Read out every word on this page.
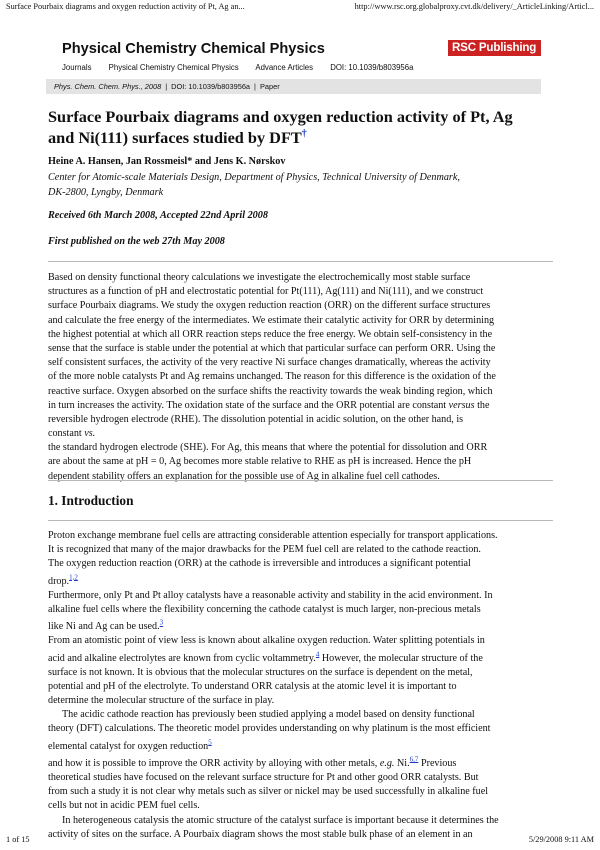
Surface Pourbaix diagrams and oxygen reduction activity of Pt, Ag an...	http://www.rsc.org.globalproxy.cvt.dk/delivery/_ArticleLinking/Articl...
Physical Chemistry Chemical Physics	RSC Publishing
Journals Physical Chemistry Chemical Physics Advance Articles DOI: 10.1039/b803956a
Phys. Chem. Chem. Phys., 2008 | DOI: 10.1039/b803956a | Paper
Surface Pourbaix diagrams and oxygen reduction activity of Pt, Ag
and Ni(111) surfaces studied by DFT†
Heine A. Hansen, Jan Rossmeisl* and Jens K. Nørskov
Center for Atomic-scale Materials Design, Department of Physics, Technical University of Denmark,
DK-2800, Lyngby, Denmark
Received 6th March 2008, Accepted 22nd April 2008
First published on the web 27th May 2008

Based on density functional theory calculations we investigate the electrochemically most stable surface

structures as a function of pH and electrostatic potential for Pt(111), Ag(111) and Ni(111), and we construct

surface Pourbaix diagrams. We study the oxygen reduction reaction (ORR) on the different surface structures

and calculate the free energy of the intermediates. We estimate their catalytic activity for ORR by determining

the highest potential at which all ORR reaction steps reduce the free energy. We obtain self-consistency in the

sense that the surface is stable under the potential at which that particular surface can perform ORR. Using the

self consistent surfaces, the activity of the very reactive Ni surface changes dramatically, whereas the activity

of the more noble catalysts Pt and Ag remains unchanged. The reason for this difference is the oxidation of the

reactive surface. Oxygen absorbed on the surface shifts the reactivity towards the weak binding region, which

in turn increases the activity. The oxidation state of the surface and the ORR potential are constant versus the

reversible hydrogen electrode (RHE). The dissolution potential in acidic solution, on the other hand, is

constant vs.

the standard hydrogen electrode (SHE). For Ag, this means that where the potential for dissolution and ORR

are about the same at pH = 0, Ag becomes more stable relative to RHE as pH is increased. Hence the pH

dependent stability offers an explanation for the possible use of Ag in alkaline fuel cell cathodes.

1. Introduction

Proton exchange membrane fuel cells are attracting considerable attention especially for transport applications.

It is recognized that many of the major drawbacks for the PEM fuel cell are related to the cathode reaction.

The oxygen reduction reaction (ORR) at the cathode is irreversible and introduces a significant potential

drop.$^{1,2}$

Furthermore, only Pt and Pt alloy catalysts have a reasonable activity and stability in the acid environment. In

alkaline fuel cells where the flexibility concerning the cathode catalyst is much larger, non-precious metals

like Ni and Ag can be used.$^3$

From an atomistic point of view less is known about alkaline oxygen reduction. Water splitting potentials in

acid and alkaline electrolytes are known from cyclic voltammetry.$^4$ However, the molecular structure of the

surface is not known. It is obvious that the molecular structures on the surface is dependent on the metal,

potential and pH of the electrolyte. To understand ORR catalysis at the atomic level it is important to

determine the molecular structure of the surface in play.

The acidic cathode reaction has previously been studied applying a model based on density functional

theory (DFT) calculations. The theoretic model provides understanding on why platinum is the most efficient

elemental catalyst for oxygen reduction$^5$

and how it is possible to improve the ORR activity by alloying with other metals, e.g. Ni.$^{6,7}$ Previous

theoretical studies have focused on the relevant surface structure for Pt and other good ORR catalysts. But

from such a study it is not clear why metals such as silver or nickel may be used successfully in alkaline fuel

cells but not in acidic PEM fuel cells.

In heterogeneous catalysis the atomic structure of the catalyst surface is important because it determines the

activity of sites on the surface. A Pourbaix diagram shows the most stable bulk phase of an element in an

1 of 15	5/29/2008 9:11 AM
